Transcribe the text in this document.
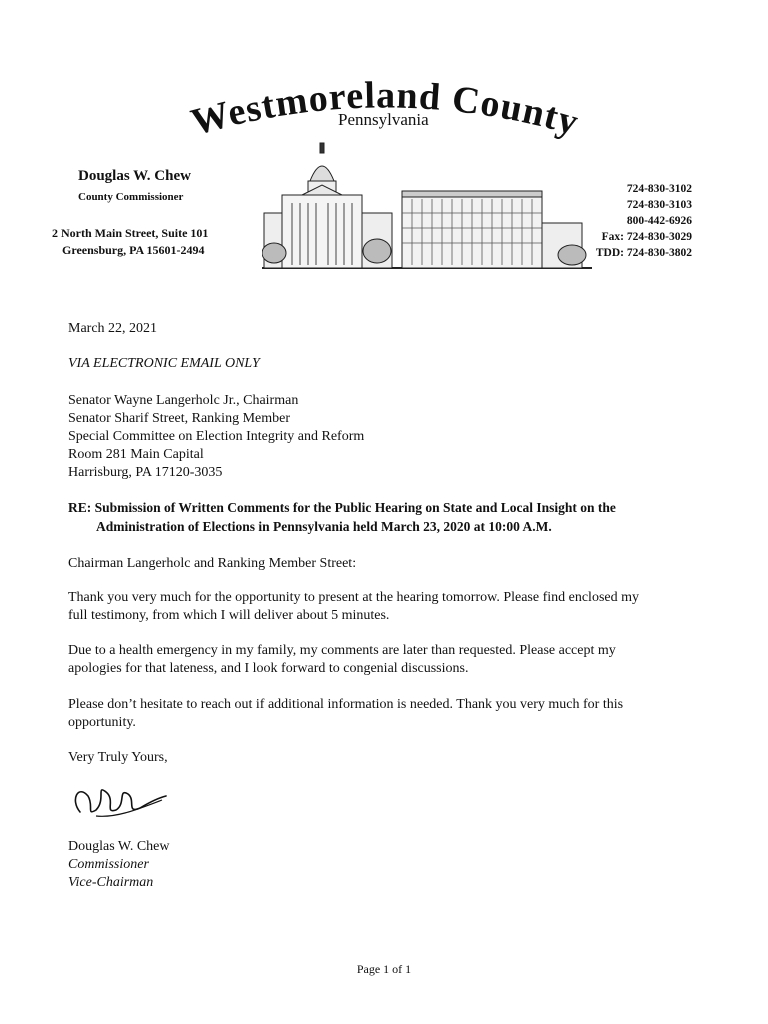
Westmoreland County
Pennsylvania
Douglas W. Chew
County Commissioner
2 North Main Street, Suite 101
Greensburg, PA 15601-2494
724-830-3102
724-830-3103
800-442-6926
Fax: 724-830-3029
TDD: 724-830-3802
March 22, 2021
VIA ELECTRONIC EMAIL ONLY
Senator Wayne Langerholc Jr., Chairman
Senator Sharif Street, Ranking Member
Special Committee on Election Integrity and Reform
Room 281 Main Capital
Harrisburg, PA 17120-3035
RE: Submission of Written Comments for the Public Hearing on State and Local Insight on the
Administration of Elections in Pennsylvania held March 23, 2020 at 10:00 A.M.
Chairman Langerholc and Ranking Member Street:
Thank you very much for the opportunity to present at the hearing tomorrow. Please find enclosed my
full testimony, from which I will deliver about 5 minutes.
Due to a health emergency in my family, my comments are later than requested. Please accept my
apologies for that lateness, and I look forward to congenial discussions.
Please don’t hesitate to reach out if additional information is needed. Thank you very much for this
opportunity.
Very Truly Yours,
Douglas W. Chew
Commissioner
Vice-Chairman
Page 1 of 1
